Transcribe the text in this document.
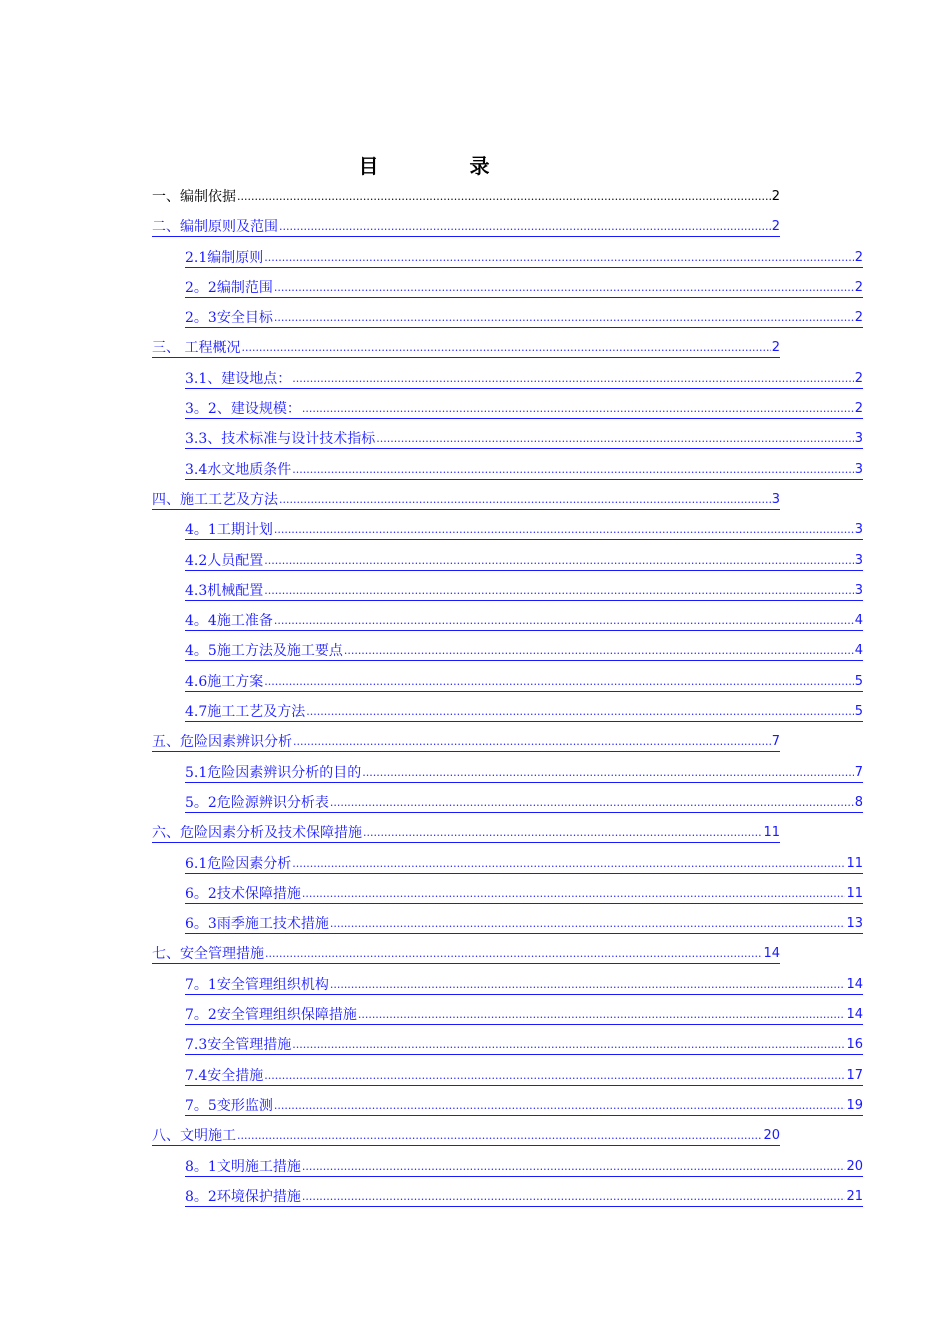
目 录
一、编制依据 .....	2
二、编制原则及范围 .....	2
2.1编制原则 .....	2
2。2编制范围 .....	2
2。3安全目标 .....	2
三、 工程概况 .....	2
3.1、建设地点： .....	2
3。2、建设规模： .....	2
3.3、技术标准与设计技术指标 .....	3
3.4水文地质条件 .....	3
四、施工工艺及方法 .....	3
4。1工期计划 .....	3
4.2人员配置 .....	3
4.3机械配置 .....	3
4。4施工准备 .....	4
4。5施工方法及施工要点 .....	4
4.6施工方案 .....	5
4.7施工工艺及方法 .....	5
五、危险因素辨识分析 .....	7
5.1危险因素辨识分析的目的 .....	7
5。2危险源辨识分析表 .....	8
六、危险因素分析及技术保障措施 .....	11
6.1危险因素分析 .....	11
6。2技术保障措施 .....	11
6。3雨季施工技术措施 .....	13
七、安全管理措施 .....	14
7。1安全管理组织机构 .....	14
7。2安全管理组织保障措施 .....	14
7.3安全管理措施 .....	16
7.4安全措施 .....	17
7。5变形监测 .....	19
八、文明施工 .....	20
8。1文明施工措施 .....	20
8。2环境保护措施 .....	21
